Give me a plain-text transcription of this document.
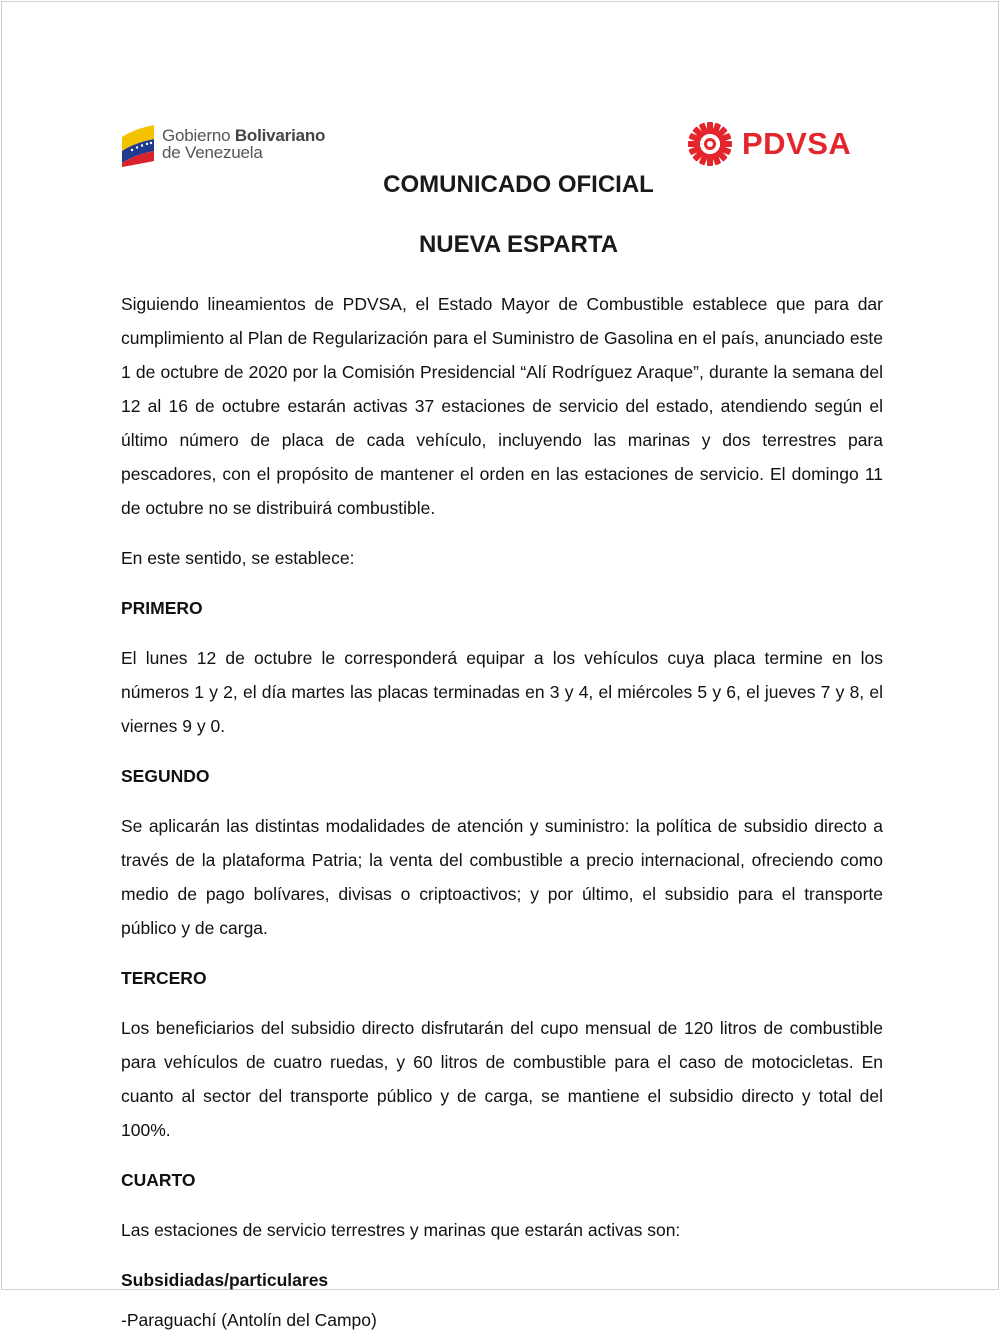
Gobierno Bolivariano
de Venezuela	PDVSA
COMUNICADO OFICIAL
NUEVA ESPARTA

Siguiendo lineamientos de PDVSA, el Estado Mayor de Combustible establece que para dar cumplimiento al Plan de Regularización para el Suministro de Gasolina en el país, anunciado este 1 de octubre de 2020 por la Comisión Presidencial “Alí Rodríguez Araque”, durante la semana del 12 al 16 de octubre estarán activas 37 estaciones de servicio del estado, atendiendo según el último número de placa de cada vehículo, incluyendo las marinas y dos terrestres para pescadores, con el propósito de mantener el orden en las estaciones de servicio. El domingo 11 de octubre no se distribuirá combustible.

En este sentido, se establece:

PRIMERO

El lunes 12 de octubre le corresponderá equipar a los vehículos cuya placa termine en los números 1 y 2, el día martes las placas terminadas en 3 y 4, el miércoles 5 y 6, el jueves 7 y 8, el viernes 9 y 0.

SEGUNDO

Se aplicarán las distintas modalidades de atención y suministro: la política de subsidio directo a través de la plataforma Patria; la venta del combustible a precio internacional, ofreciendo como medio de pago bolívares, divisas o criptoactivos; y por último, el subsidio para el transporte público y de carga.

TERCERO

Los beneficiarios del subsidio directo disfrutarán del cupo mensual de 120 litros de combustible para vehículos de cuatro ruedas, y 60 litros de combustible para el caso de motocicletas. En cuanto al sector del transporte público y de carga, se mantiene el subsidio directo y total del 100%.

CUARTO

Las estaciones de servicio terrestres y marinas que estarán activas son:

Subsidiadas/particulares

-Paraguachí (Antolín del Campo)
